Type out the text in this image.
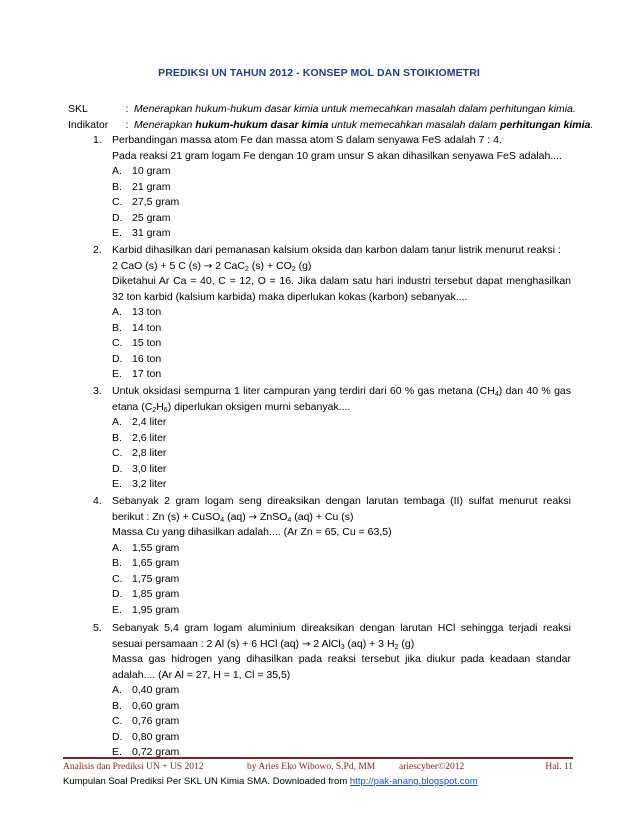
PREDIKSI UN TAHUN 2012 - KONSEP MOL DAN STOIKIOMETRI
SKL	: Menerapkan hukum-hukum dasar kimia untuk memecahkan masalah dalam perhitungan kimia.
Indikator : Menerapkan hukum-hukum dasar kimia untuk memecahkan masalah dalam perhitungan kimia.
1. Perbandingan massa atom Fe dan massa atom S dalam senyawa FeS adalah 7 : 4.

Pada reaksi 21 gram logam Fe dengan 10 gram unsur S akan dihasilkan senyawa FeS adalah....

A. 10 gram
B. 21 gram
C. 27,5 gram
D. 25 gram
E. 31 gram
2. Karbid dihasilkan dari pemanasan kalsium oksida dan karbon dalam tanur listrik menurut reaksi :

2 CaO (s) + 5 C (s) → 2 CaC$_2$ $(s) + CO_2$ (g)

Diketahui Ar Ca = 40, C = 12, O = 16. Jika dalam satu hari industri tersebut dapat menghasilkan 32 ton karbid (kalsium karbida) maka diperlukan kokas (karbon) sebanyak....

A. 13 ton
B. 14 ton
C. 15 ton
D. 16 ton
E. 17 ton
3. Untuk oksidasi sempurna 1 liter campuran yang terdiri dari 60 % gas metana $(CH_4)$ dan 40 % gas etana $(C_2H_6)$ diperlukan oksigen murni sebanyak....

A. 2,4 liter
B. 2,6 liter
C. 2,8 liter
D. 3,0 liter
E. 3,2 liter
4. Sebanyak 2 gram logam seng direaksikan dengan larutan tembaga (II) sulfat menurut reaksi berikut : Zn (s) + CuSO$_4$ (aq) → ZnSO$_4$ (aq) + Cu (s)

Massa Cu yang dihasilkan adalah.... (Ar Zn = 65, Cu = 63,5)

A. 1,55 gram
B. 1,65 gram
C. 1,75 gram
D. 1,85 gram
E. 1,95 gram
5. Sebanyak 5,4 gram logam aluminium direaksikan dengan larutan HCl sehingga terjadi reaksi sesuai persamaan : 2 Al (s) + 6 HCl (aq) → 2 AlCl$_3$ (aq) + 3 $H_2$ (g)

Massa gas hidrogen yang dihasilkan pada reaksi tersebut jika diukur pada keadaan standar adalah.... (Ar Al = 27, H = 1, Cl = 35,5)

A. 0,40 gram
B. 0,60 gram
C. 0,76 gram
D. 0,80 gram
E. 0,72 gram
Analisis dan Prediksi UN + US 2012	by Aries Eko Wibowo, S.Pd, MM	ariescyber©2012	Hal. 11
Kumpulan Soal Prediksi Per SKL UN Kimia SMA. Downloaded from http://pak-anang.blogspot.com
